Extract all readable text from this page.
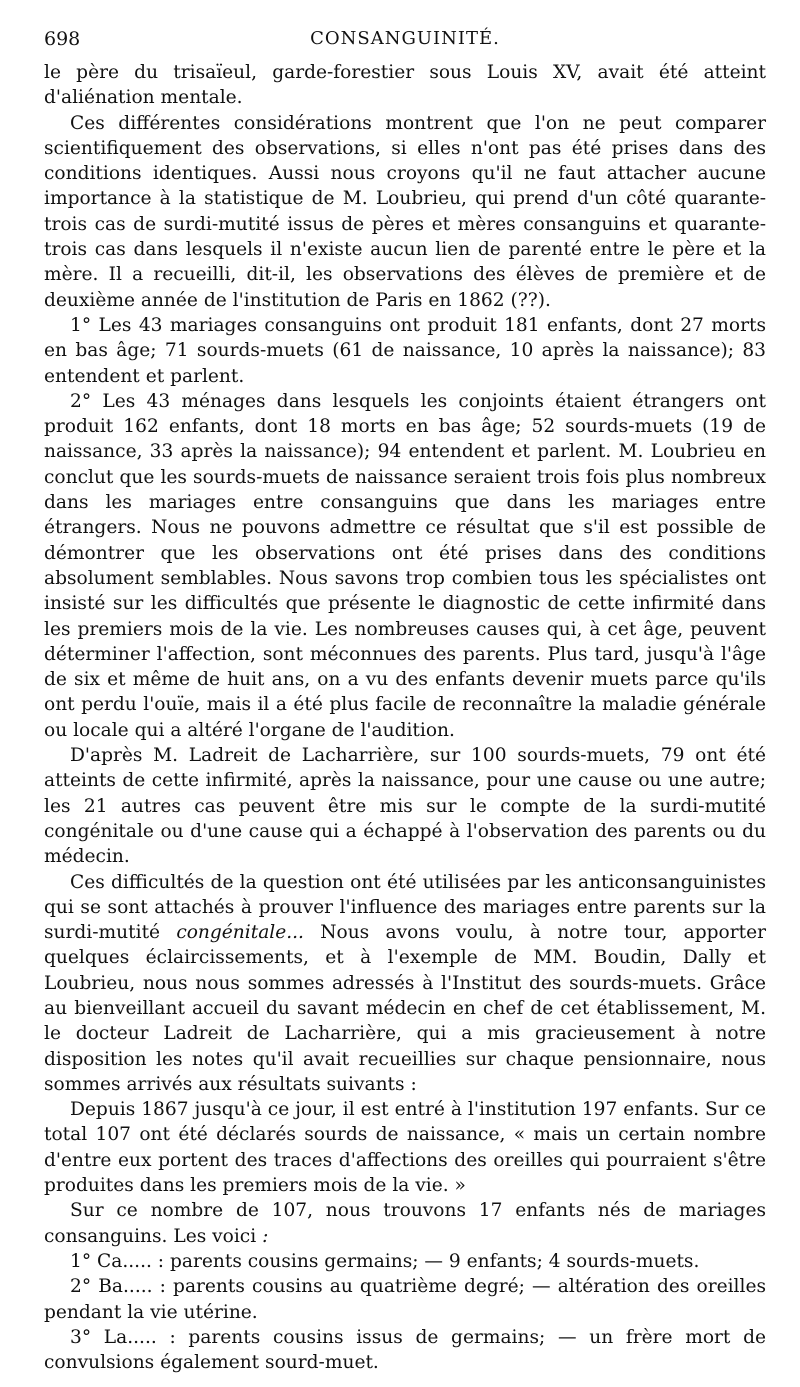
698	CONSANGUINITÉ.

le père du trisaïeul, garde-forestier sous Louis XV, avait été atteint d'aliénation mentale.

Ces différentes considérations montrent que l'on ne peut comparer scientifiquement des observations, si elles n'ont pas été prises dans des conditions identiques. Aussi nous croyons qu'il ne faut attacher aucune importance à la statistique de M. Loubrieu, qui prend d'un côté quarante-trois cas de surdi-mutité issus de pères et mères consanguins et quarante-trois cas dans lesquels il n'existe aucun lien de parenté entre le père et la mère. Il a recueilli, dit-il, les observations des élèves de première et de deuxième année de l'institution de Paris en 1862 (??).

1° Les 43 mariages consanguins ont produit 181 enfants, dont 27 morts en bas âge; 71 sourds-muets (61 de naissance, 10 après la naissance); 83 entendent et parlent.

2° Les 43 ménages dans lesquels les conjoints étaient étrangers ont produit 162 enfants, dont 18 morts en bas âge; 52 sourds-muets (19 de naissance, 33 après la naissance); 94 entendent et parlent. M. Loubrieu en conclut que les sourds-muets de naissance seraient trois fois plus nombreux dans les mariages entre consanguins que dans les mariages entre étrangers. Nous ne pouvons admettre ce résultat que s'il est possible de démontrer que les observations ont été prises dans des conditions absolument semblables. Nous savons trop combien tous les spécialistes ont insisté sur les difficultés que présente le diagnostic de cette infirmité dans les premiers mois de la vie. Les nombreuses causes qui, à cet âge, peuvent déterminer l'affection, sont méconnues des parents. Plus tard, jusqu'à l'âge de six et même de huit ans, on a vu des enfants devenir muets parce qu'ils ont perdu l'ouïe, mais il a été plus facile de reconnaître la maladie générale ou locale qui a altéré l'organe de l'audition.

D'après M. Ladreit de Lacharrière, sur 100 sourds-muets, 79 ont été atteints de cette infirmité, après la naissance, pour une cause ou une autre; les 21 autres cas peuvent être mis sur le compte de la surdi-mutité congénitale ou d'une cause qui a échappé à l'observation des parents ou du médecin.

Ces difficultés de la question ont été utilisées par les anticonsanguinistes qui se sont attachés à prouver l'influence des mariages entre parents sur la surdi-mutité congénitale... Nous avons voulu, à notre tour, apporter quelques éclaircissements, et à l'exemple de MM. Boudin, Dally et Loubrieu, nous nous sommes adressés à l'Institut des sourds-muets. Grâce au bienveillant accueil du savant médecin en chef de cet établissement, M. le docteur Ladreit de Lacharrière, qui a mis gracieusement à notre disposition les notes qu'il avait recueillies sur chaque pensionnaire, nous sommes arrivés aux résultats suivants :

Depuis 1867 jusqu'à ce jour, il est entré à l'institution 197 enfants. Sur ce total 107 ont été déclarés sourds de naissance, « mais un certain nombre d'entre eux portent des traces d'affections des oreilles qui pourraient s'être produites dans les premiers mois de la vie. »

Sur ce nombre de 107, nous trouvons 17 enfants nés de mariages consanguins. Les voici :

1° Ca..... : parents cousins germains; — 9 enfants; 4 sourds-muets.

2° Ba..... : parents cousins au quatrième degré; — altération des oreilles pendant la vie utérine.

3° La..... : parents cousins issus de germains; — un frère mort de convulsions également sourd-muet.
